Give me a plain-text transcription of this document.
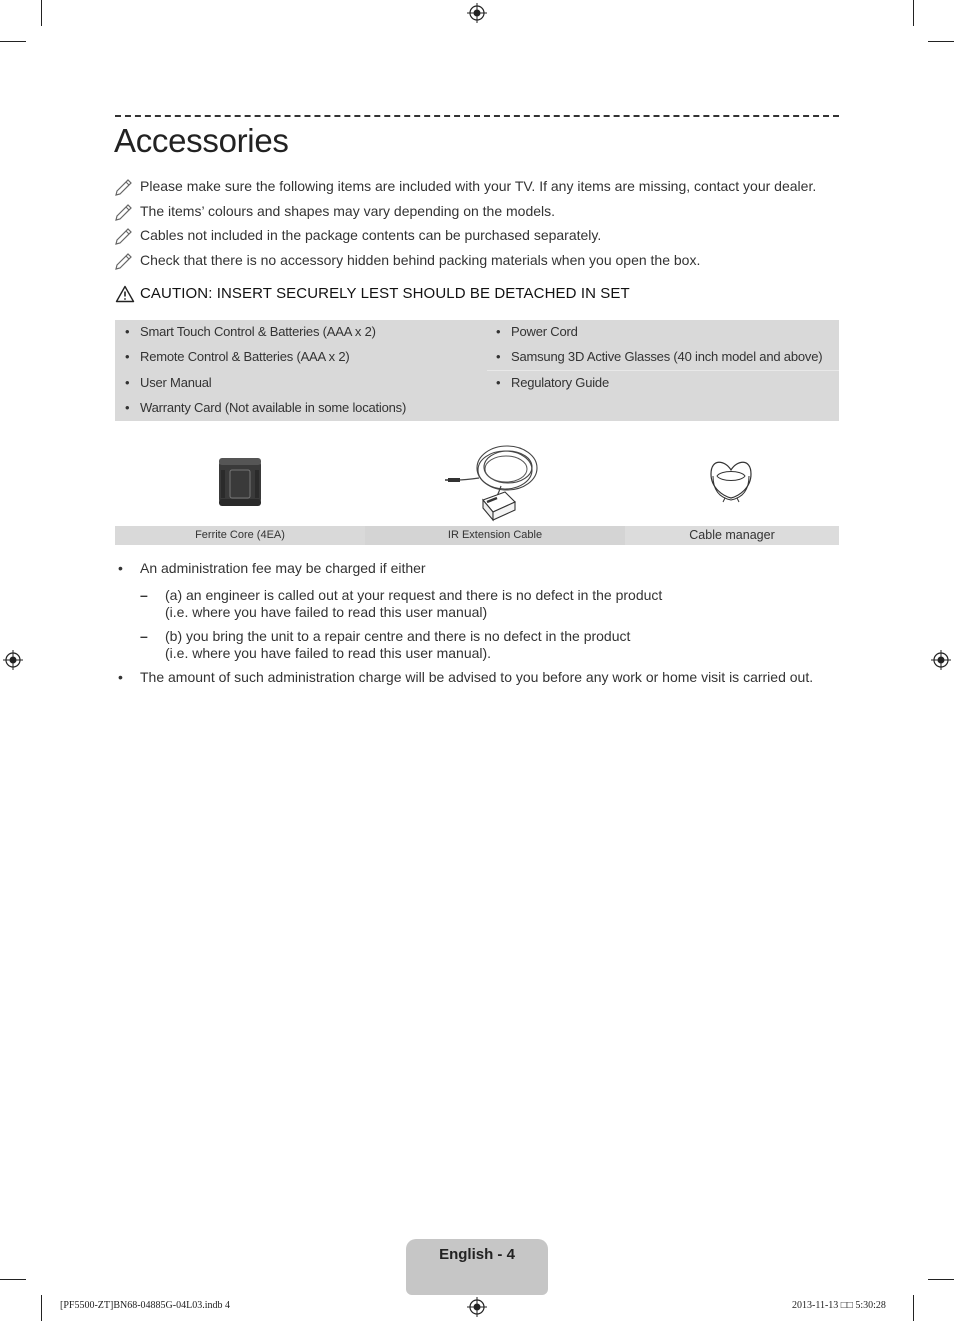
Accessories
Please make sure the following items are included with your TV. If any items are missing, contact your dealer.
The items’ colours and shapes may vary depending on the models.
Cables not included in the package contents can be purchased separately.
Check that there is no accessory hidden behind packing materials when you open the box.
CAUTION: INSERT SECURELY LEST SHOULD BE DETACHED IN SET
• Smart Touch Control & Batteries (AAA x 2)
• Remote Control & Batteries (AAA x 2)
• User Manual
• Warranty Card (Not available in some locations)
• Power Cord
• Samsung 3D Active Glasses (40 inch model and above)
• Regulatory Guide
Ferrite Core (4EA)	IR Extension Cable	Cable manager
• An administration fee may be charged if either
– (a) an engineer is called out at your request and there is no defect in the product
(i.e. where you have failed to read this user manual)
– (b) you bring the unit to a repair centre and there is no defect in the product
(i.e. where you have failed to read this user manual).
• The amount of such administration charge will be advised to you before any work or home visit is carried out.
English - 4
[PF5500-ZT]BN68-04885G-04L03.indb 4	2013-11-13 □□ 5:30:28
